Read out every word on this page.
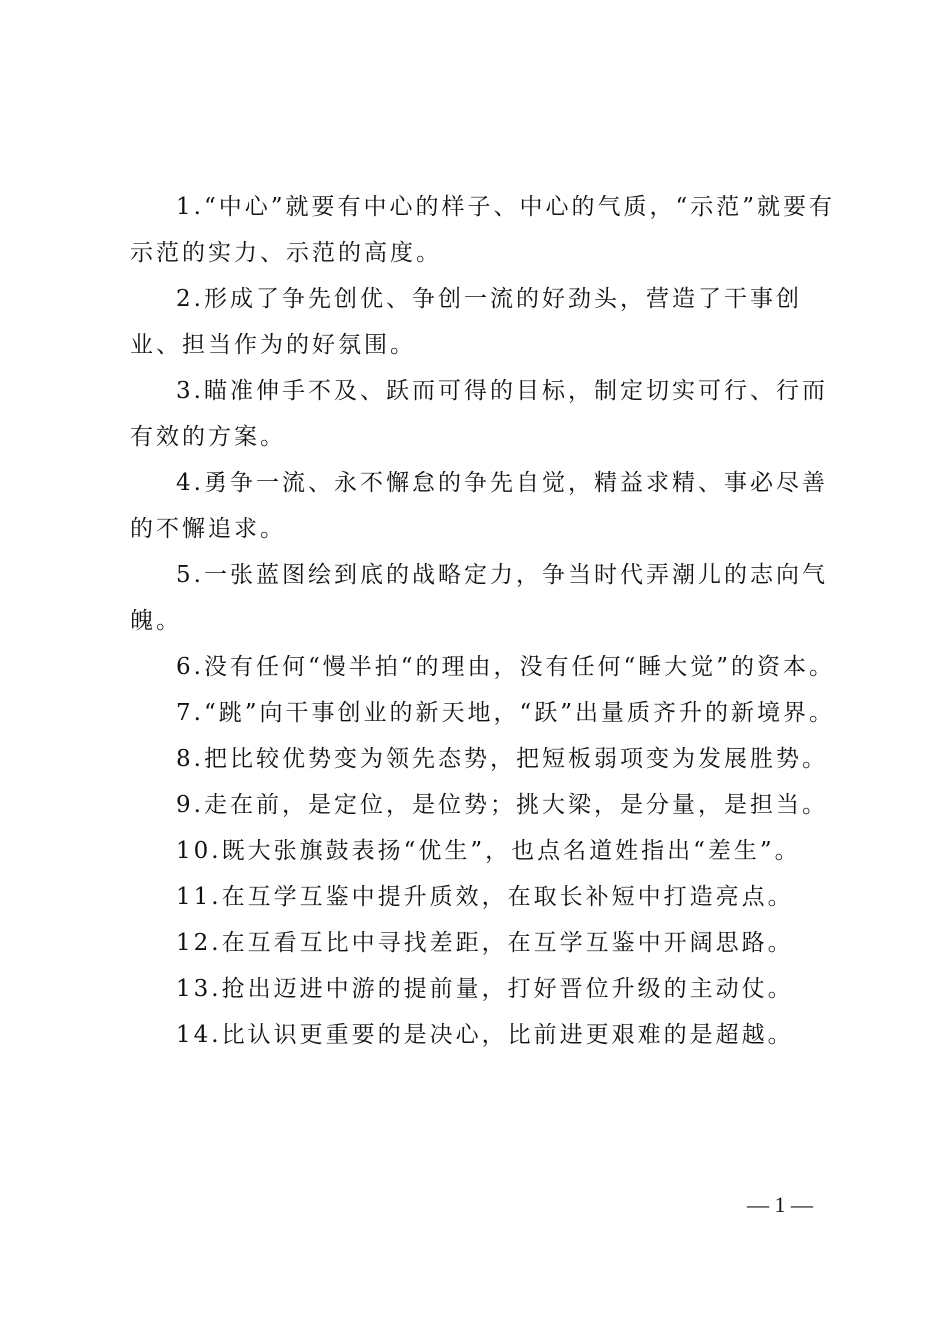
1.“中心”就要有中心的样子、中心的气质，“示范”就要有示范的实力、示范的高度。

2.形成了争先创优、争创一流的好劲头，营造了干事创业、担当作为的好氛围。

3.瞄准伸手不及、跃而可得的目标，制定切实可行、行而有效的方案。

4.勇争一流、永不懈怠的争先自觉，精益求精、事必尽善的不懈追求。

5.一张蓝图绘到底的战略定力，争当时代弄潮儿的志向气魄。

6.没有任何“慢半拍“的理由，没有任何“睡大觉”的资本。

7.“跳”向干事创业的新天地，“跃”出量质齐升的新境界。

8.把比较优势变为领先态势，把短板弱项变为发展胜势。

9.走在前，是定位，是位势；挑大梁，是分量，是担当。

10.既大张旗鼓表扬“优生”，也点名道姓指出“差生”。

11.在互学互鉴中提升质效，在取长补短中打造亮点。

12.在互看互比中寻找差距，在互学互鉴中开阔思路。

13.抢出迈进中游的提前量，打好晋位升级的主动仗。

14.比认识更重要的是决心，比前进更艰难的是超越。

— 1 —
